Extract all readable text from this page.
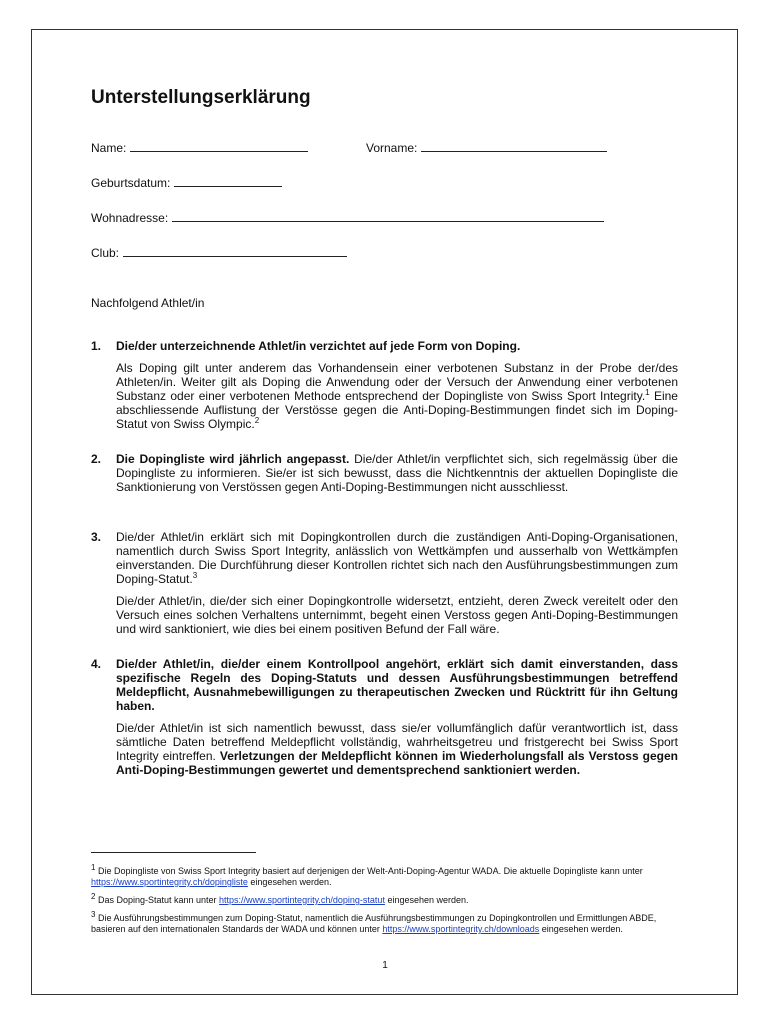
Unterstellungserklärung
Name:	Vorname:
Geburtsdatum:
Wohnadresse:
Club:
Nachfolgend Athlet/in
1. Die/der unterzeichnende Athlet/in verzichtet auf jede Form von Doping.

Als Doping gilt unter anderem das Vorhandensein einer verbotenen Substanz in der Probe der/des Athleten/in. Weiter gilt als Doping die Anwendung oder der Versuch der Anwendung einer verbotenen Substanz oder einer verbotenen Methode entsprechend der Dopingliste von Swiss Sport Integrity.$^1$ Eine abschliessende Auflistung der Verstösse gegen die Anti-Doping-Bestimmungen findet sich im Doping-Statut von Swiss Olympic.$^2$

2. Die Dopingliste wird jährlich angepasst. Die/der Athlet/in verpflichtet sich, sich regelmässig über die Dopingliste zu informieren. Sie/er ist sich bewusst, dass die Nichtkenntnis der aktuellen Dopingliste die Sanktionierung von Verstössen gegen Anti-Doping-Bestimmungen nicht ausschliesst.

3. Die/der Athlet/in erklärt sich mit Dopingkontrollen durch die zuständigen Anti-Doping-Organisationen, namentlich durch Swiss Sport Integrity, anlässlich von Wettkämpfen und ausserhalb von Wettkämpfen einverstanden. Die Durchführung dieser Kontrollen richtet sich nach den Ausführungsbestimmungen zum Doping-Statut.$^3$

Die/der Athlet/in, die/der sich einer Dopingkontrolle widersetzt, entzieht, deren Zweck vereitelt oder den Versuch eines solchen Verhaltens unternimmt, begeht einen Verstoss gegen Anti-Doping-Bestimmungen und wird sanktioniert, wie dies bei einem positiven Befund der Fall wäre.

4. Die/der Athlet/in, die/der einem Kontrollpool angehört, erklärt sich damit einverstanden, dass spezifische Regeln des Doping-Statuts und dessen Ausführungsbestimmungen betreffend Meldepflicht, Ausnahmebewilligungen zu therapeutischen Zwecken und Rücktritt für ihn Geltung haben.

Die/der Athlet/in ist sich namentlich bewusst, dass sie/er vollumfänglich dafür verantwortlich ist, dass sämtliche Daten betreffend Meldepflicht vollständig, wahrheitsgetreu und fristgerecht bei Swiss Sport Integrity eintreffen. Verletzungen der Meldepflicht können im Wiederholungsfall als Verstoss gegen Anti-Doping-Bestimmungen gewertet und dementsprechend sanktioniert werden.

$^1$ Die Dopingliste von Swiss Sport Integrity basiert auf derjenigen der Welt-Anti-Doping-Agentur WADA. Die aktuelle Dopingliste kann unter https://www.sportintegrity.ch/dopingliste eingesehen werden.
$^2$ Das Doping-Statut kann unter https://www.sportintegrity.ch/doping-statut eingesehen werden.
$^3$ Die Ausführungsbestimmungen zum Doping-Statut, namentlich die Ausführungsbestimmungen zu Dopingkontrollen und Ermittlungen ABDE, basieren auf den internationalen Standards der WADA und können unter https://www.sportintegrity.ch/downloads eingesehen werden.
1
